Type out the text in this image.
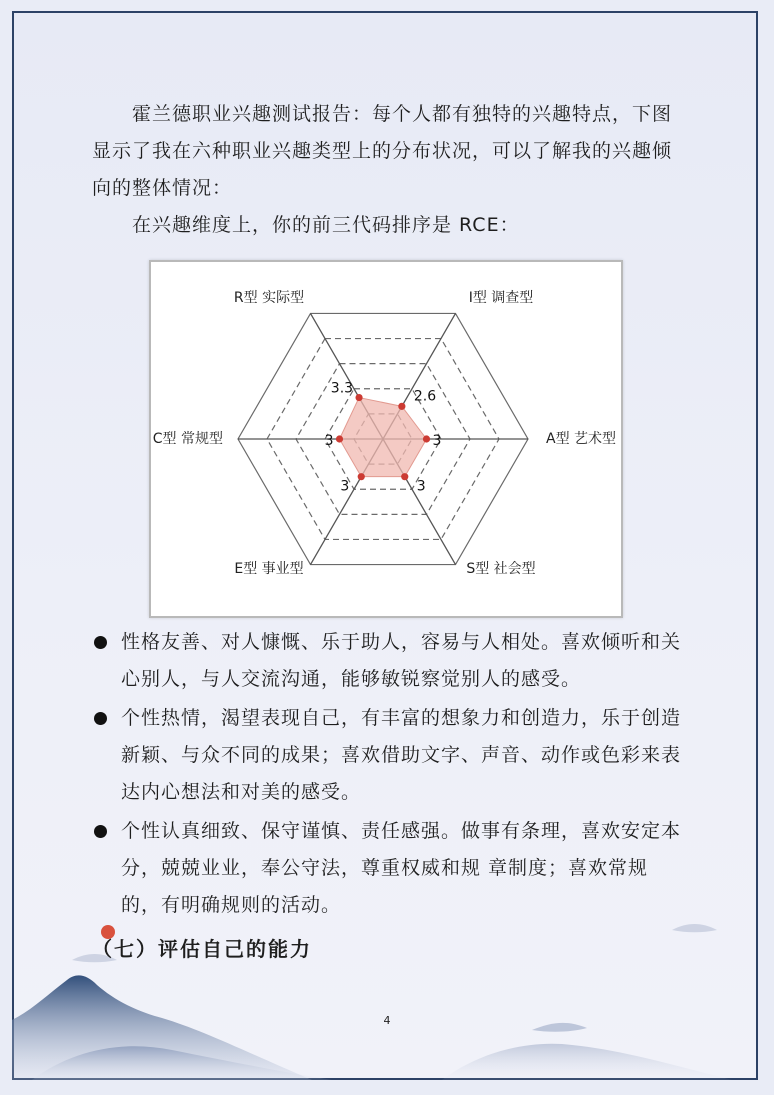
霍兰德职业兴趣测试报告：每个人都有独特的兴趣特点，下图显示了我在六种职业兴趣类型上的分布状况，可以了解我的兴趣倾向的整体情况：

在兴趣维度上，你的前三代码排序是 RCE：

3.3	2.6
3
3
3
3
R型 实际型	I型 调查型
A型 艺术型
S型 社会型
E型 事业型
C型 常规型
性格友善、对人慷慨、乐于助人，容易与人相处。喜欢倾听和关心别人，与人交流沟通，能够敏锐察觉别人的感受。
个性热情，渴望表现自己，有丰富的想象力和创造力，乐于创造新颖、与众不同的成果；喜欢借助文字、声音、动作或色彩来表达内心想法和对美的感受。
个性认真细致、保守谨慎、责任感强。做事有条理，喜欢安定本分，兢兢业业，奉公守法，尊重权威和规 章制度；喜欢常规的，有明确规则的活动。
（七）评估自己的能力
4
